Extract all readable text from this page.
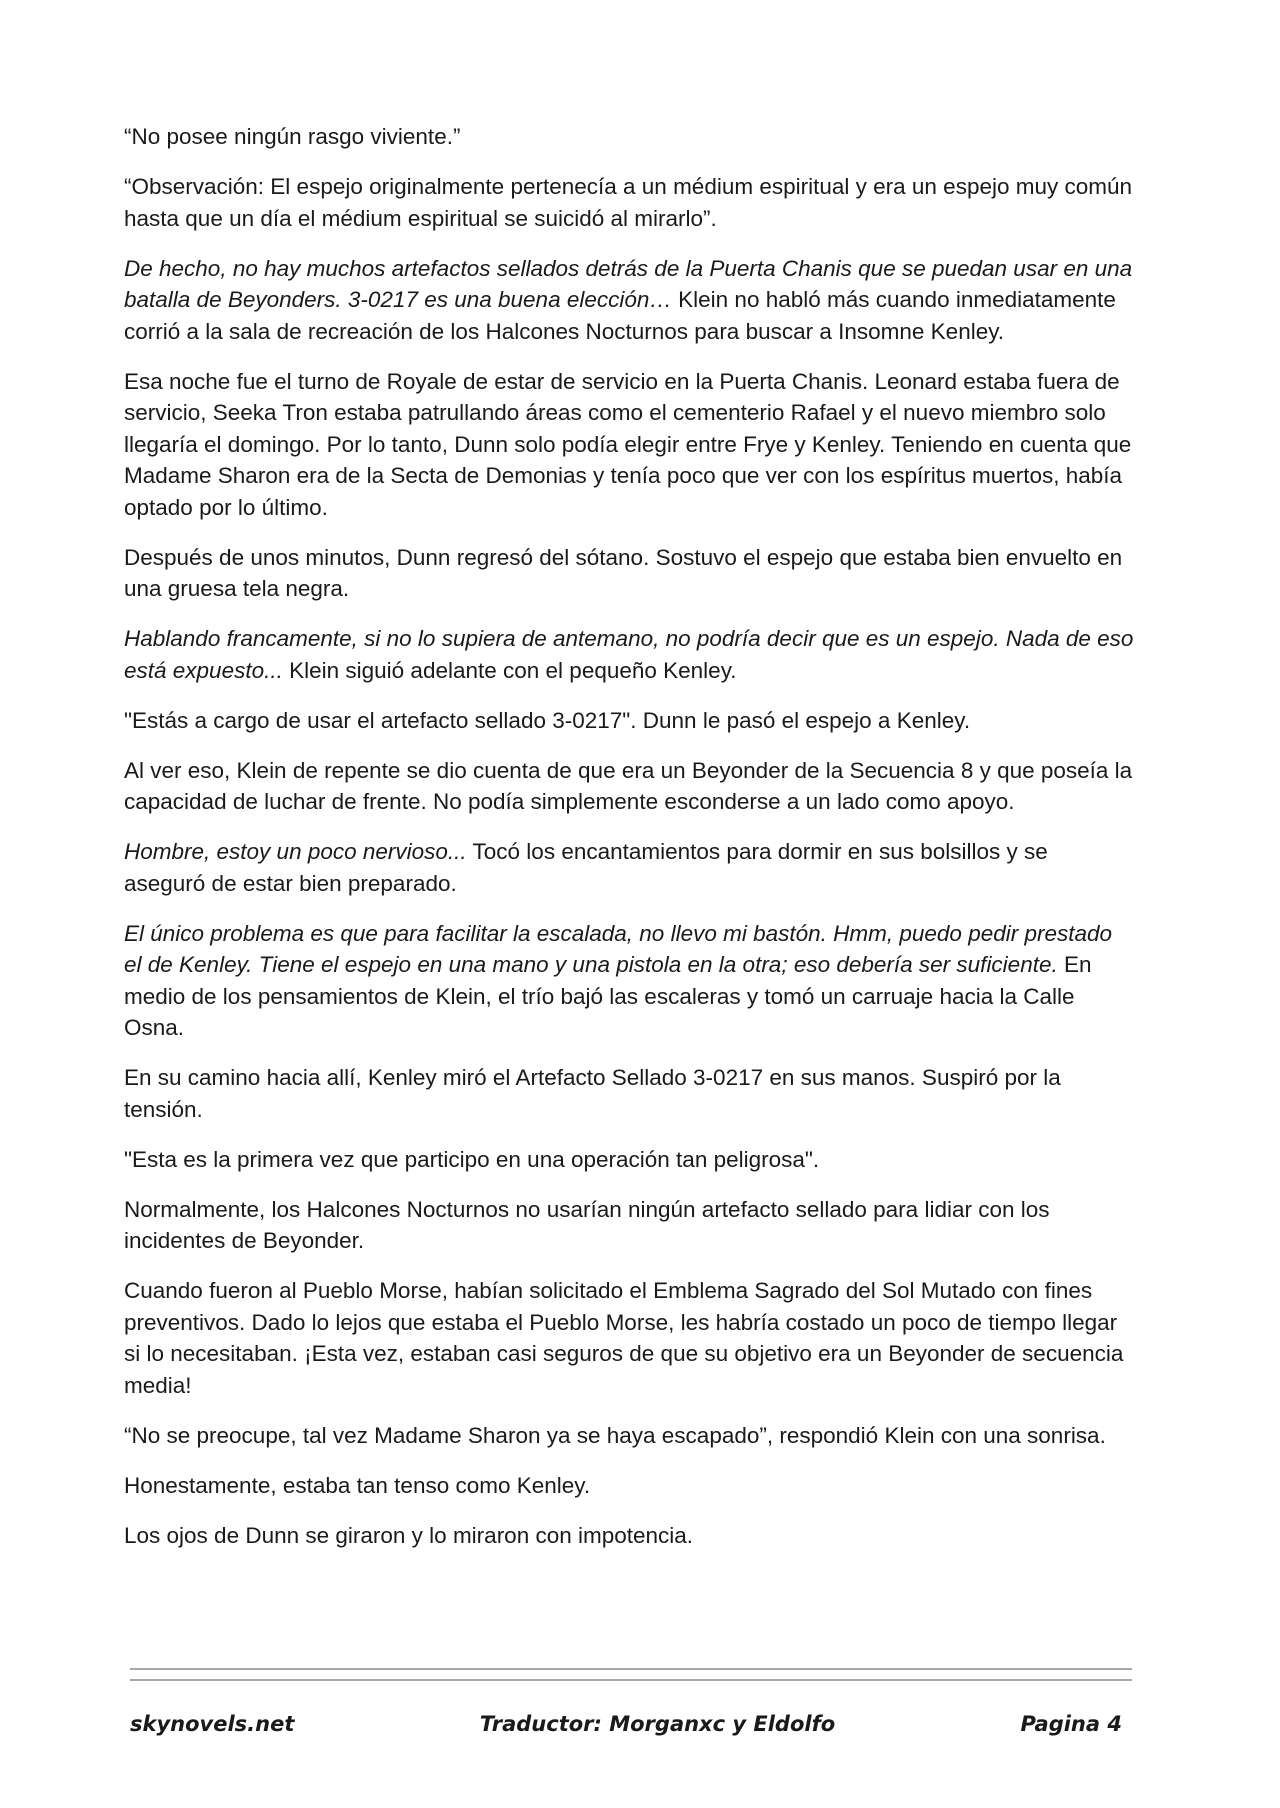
“No posee ningún rasgo viviente.”

“Observación: El espejo originalmente pertenecía a un médium espiritual y era un espejo muy común hasta que un día el médium espiritual se suicidó al mirarlo”.

De hecho, no hay muchos artefactos sellados detrás de la Puerta Chanis que se puedan usar en una batalla de Beyonders. 3-0217 es una buena elección… Klein no habló más cuando inmediatamente corrió a la sala de recreación de los Halcones Nocturnos para buscar a Insomne Kenley.

Esa noche fue el turno de Royale de estar de servicio en la Puerta Chanis. Leonard estaba fuera de servicio, Seeka Tron estaba patrullando áreas como el cementerio Rafael y el nuevo miembro solo llegaría el domingo. Por lo tanto, Dunn solo podía elegir entre Frye y Kenley. Teniendo en cuenta que Madame Sharon era de la Secta de Demonias y tenía poco que ver con los espíritus muertos, había optado por lo último.

Después de unos minutos, Dunn regresó del sótano. Sostuvo el espejo que estaba bien envuelto en una gruesa tela negra.

Hablando francamente, si no lo supiera de antemano, no podría decir que es un espejo. Nada de eso está expuesto... Klein siguió adelante con el pequeño Kenley.

"Estás a cargo de usar el artefacto sellado 3-0217". Dunn le pasó el espejo a Kenley.

Al ver eso, Klein de repente se dio cuenta de que era un Beyonder de la Secuencia 8 y que poseía la capacidad de luchar de frente. No podía simplemente esconderse a un lado como apoyo.

Hombre, estoy un poco nervioso... Tocó los encantamientos para dormir en sus bolsillos y se aseguró de estar bien preparado.

El único problema es que para facilitar la escalada, no llevo mi bastón. Hmm, puedo pedir prestado el de Kenley. Tiene el espejo en una mano y una pistola en la otra; eso debería ser suficiente. En medio de los pensamientos de Klein, el trío bajó las escaleras y tomó un carruaje hacia la Calle Osna.

En su camino hacia allí, Kenley miró el Artefacto Sellado 3-0217 en sus manos. Suspiró por la tensión.

"Esta es la primera vez que participo en una operación tan peligrosa".

Normalmente, los Halcones Nocturnos no usarían ningún artefacto sellado para lidiar con los incidentes de Beyonder.

Cuando fueron al Pueblo Morse, habían solicitado el Emblema Sagrado del Sol Mutado con fines preventivos. Dado lo lejos que estaba el Pueblo Morse, les habría costado un poco de tiempo llegar si lo necesitaban. ¡Esta vez, estaban casi seguros de que su objetivo era un Beyonder de secuencia media!

“No se preocupe, tal vez Madame Sharon ya se haya escapado”, respondió Klein con una sonrisa.

Honestamente, estaba tan tenso como Kenley.

Los ojos de Dunn se giraron y lo miraron con impotencia.

skynovels.net	Traductor: Morganxc y Eldolfo	Pagina 4
